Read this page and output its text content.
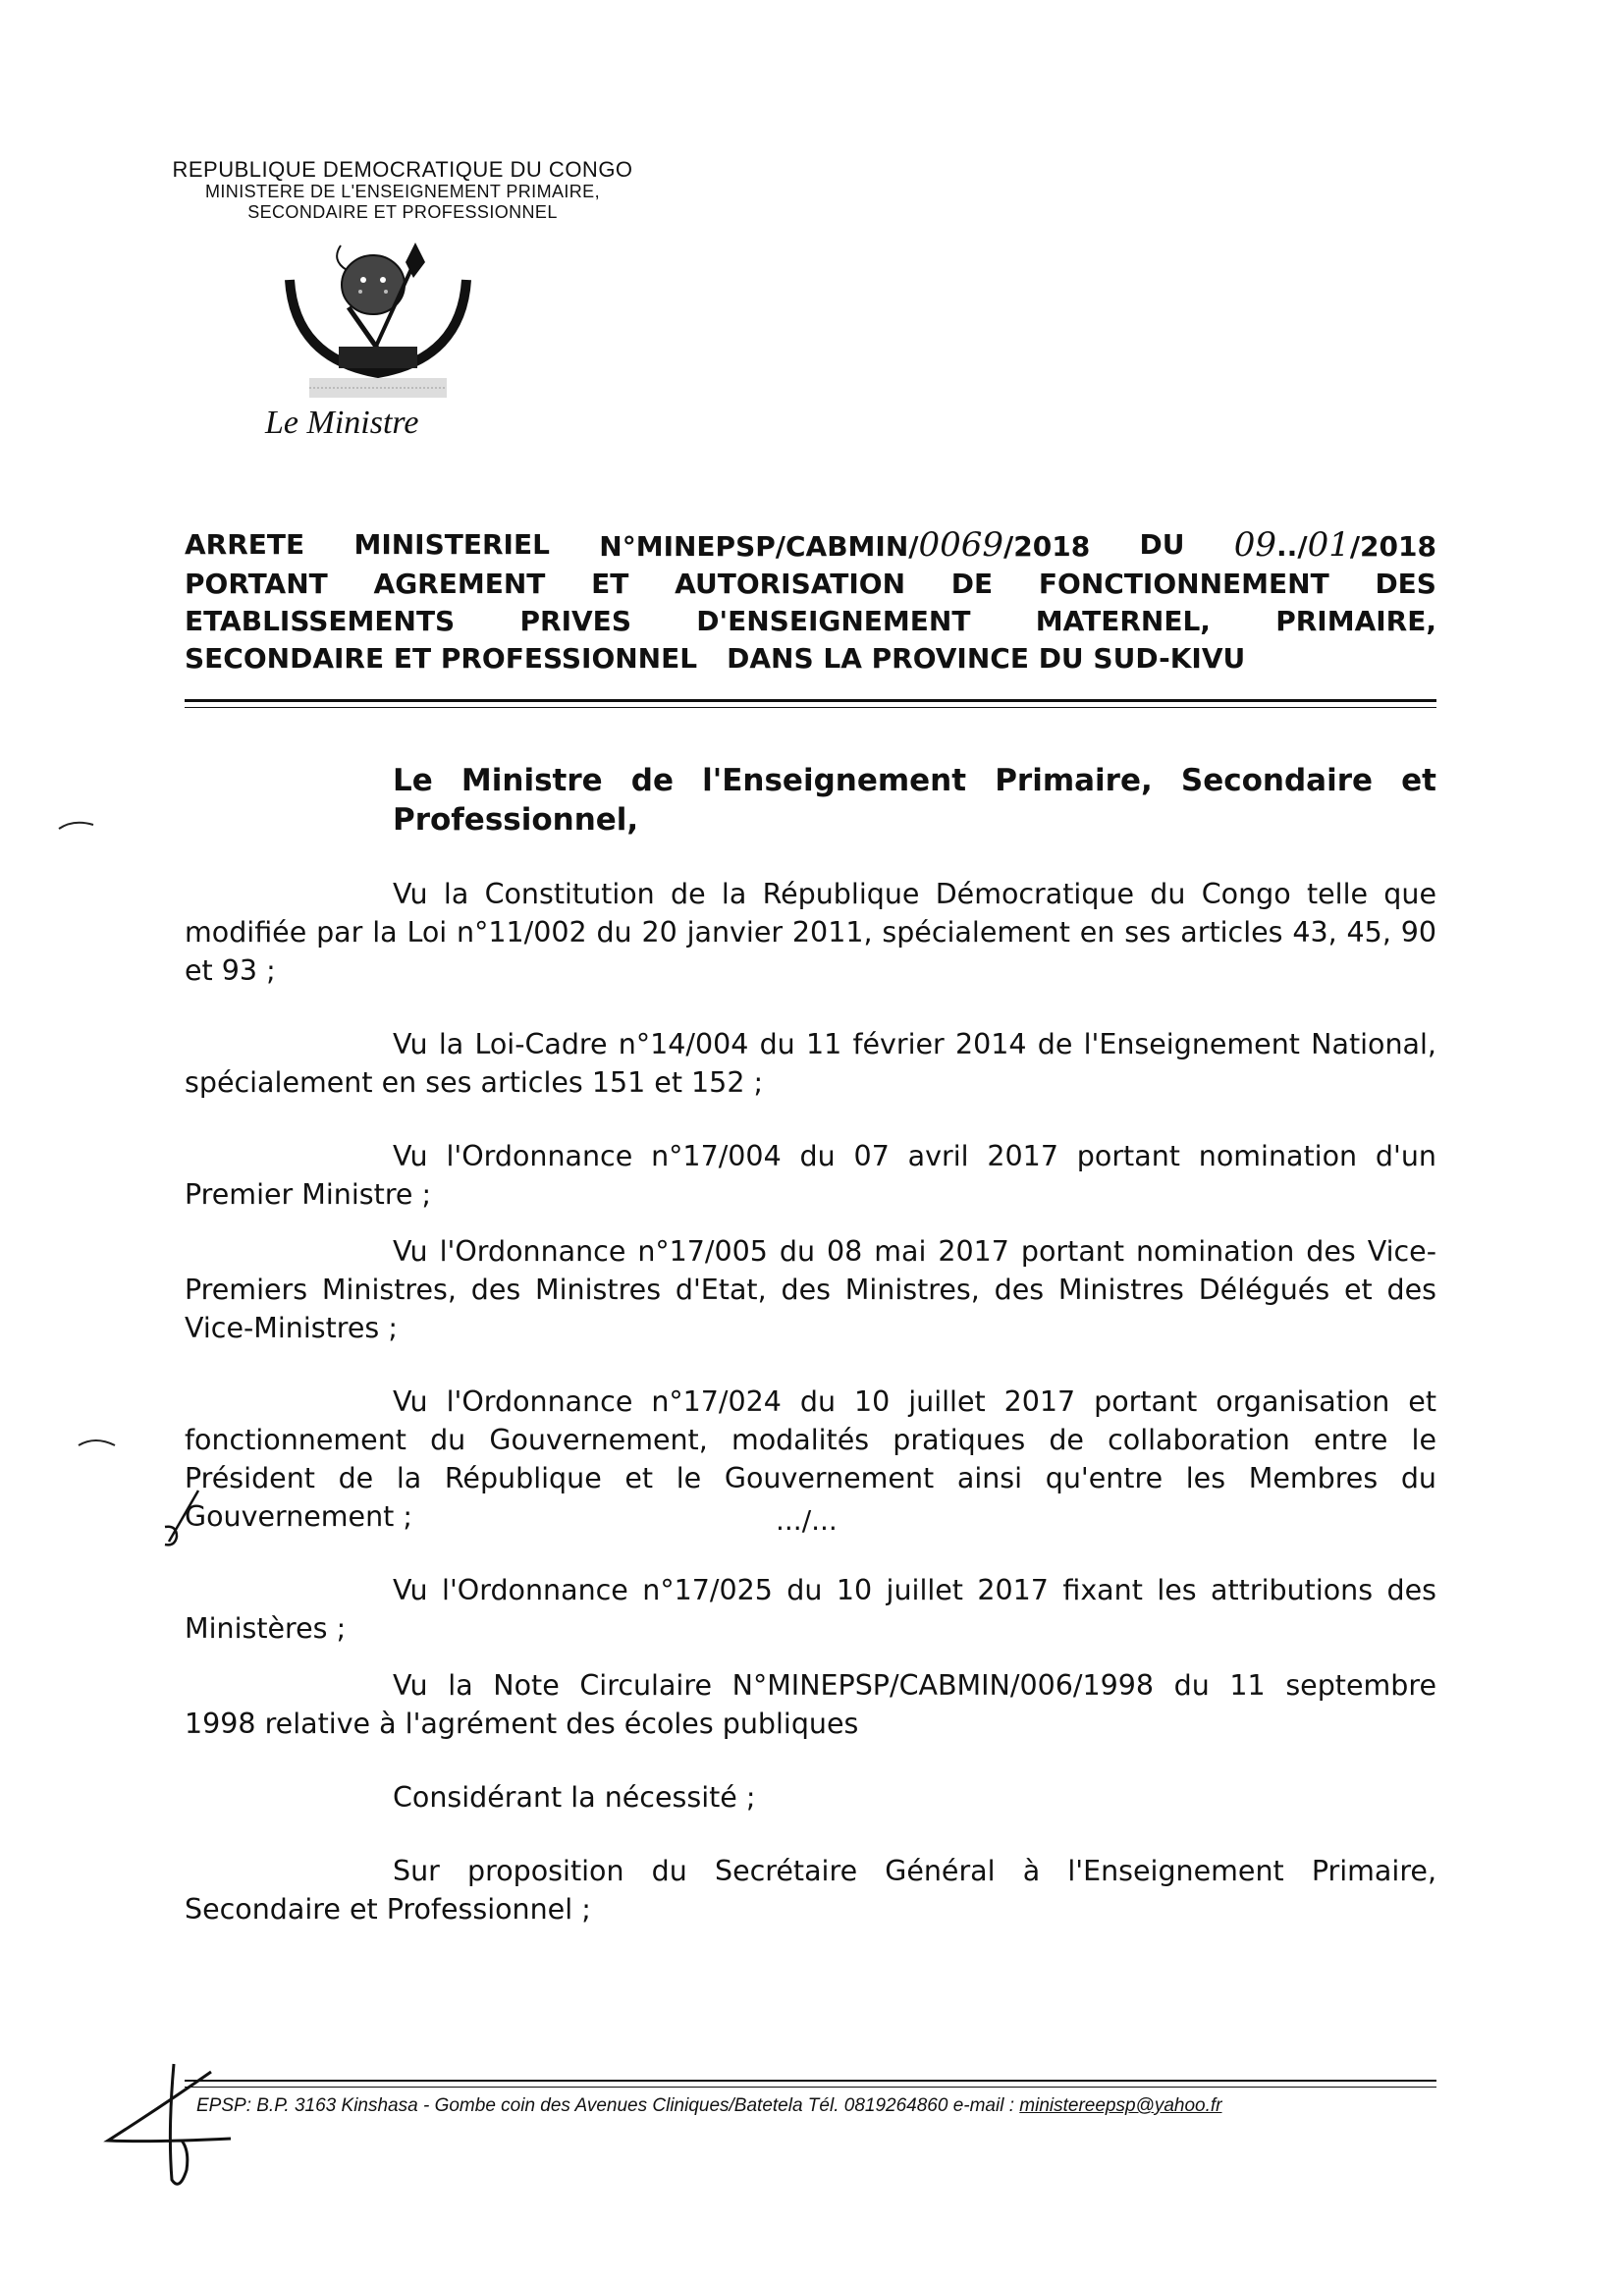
REPUBLIQUE DEMOCRATIQUE DU CONGO
MINISTERE DE L'ENSEIGNEMENT PRIMAIRE,
SECONDAIRE ET PROFESSIONNEL
Le Ministre
ARRETE MINISTERIEL N°MINEPSP/CABMIN/0069/2018 DU 09../01/2018
PORTANT AGREMENT ET AUTORISATION DE FONCTIONNEMENT DES
ETABLISSEMENTS PRIVES D'ENSEIGNEMENT MATERNEL, PRIMAIRE,
SECONDAIRE ET PROFESSIONNEL DANS LA PROVINCE DU SUD-KIVU

Le Ministre de l'Enseignement Primaire, Secondaire et Professionnel,

Vu la Constitution de la République Démocratique du Congo telle que modifiée par la Loi n°11/002 du 20 janvier 2011, spécialement en ses articles 43, 45, 90 et 93 ;

Vu la Loi-Cadre n°14/004 du 11 février 2014 de l'Enseignement National, spécialement en ses articles 151 et 152 ;

Vu l'Ordonnance n°17/004 du 07 avril 2017 portant nomination d'un Premier Ministre ;

Vu l'Ordonnance n°17/005 du 08 mai 2017 portant nomination des Vice-Premiers Ministres, des Ministres d'Etat, des Ministres, des Ministres Délégués et des Vice-Ministres ;

Vu l'Ordonnance n°17/024 du 10 juillet 2017 portant organisation et fonctionnement du Gouvernement, modalités pratiques de collaboration entre le Président de la République et le Gouvernement ainsi qu'entre les Membres du Gouvernement ;

Vu l'Ordonnance n°17/025 du 10 juillet 2017 fixant les attributions des Ministères ;

Vu la Note Circulaire N°MINEPSP/CABMIN/006/1998 du 11 septembre 1998 relative à l'agrément des écoles publiques

Considérant la nécessité ;

Sur proposition du Secrétaire Général à l'Enseignement Primaire, Secondaire et Professionnel ;

.../...
EPSP: B.P. 3163 Kinshasa - Gombe coin des Avenues Cliniques/Batetela Tél. 0819264860 e-mail : ministereepsp@yahoo.fr
